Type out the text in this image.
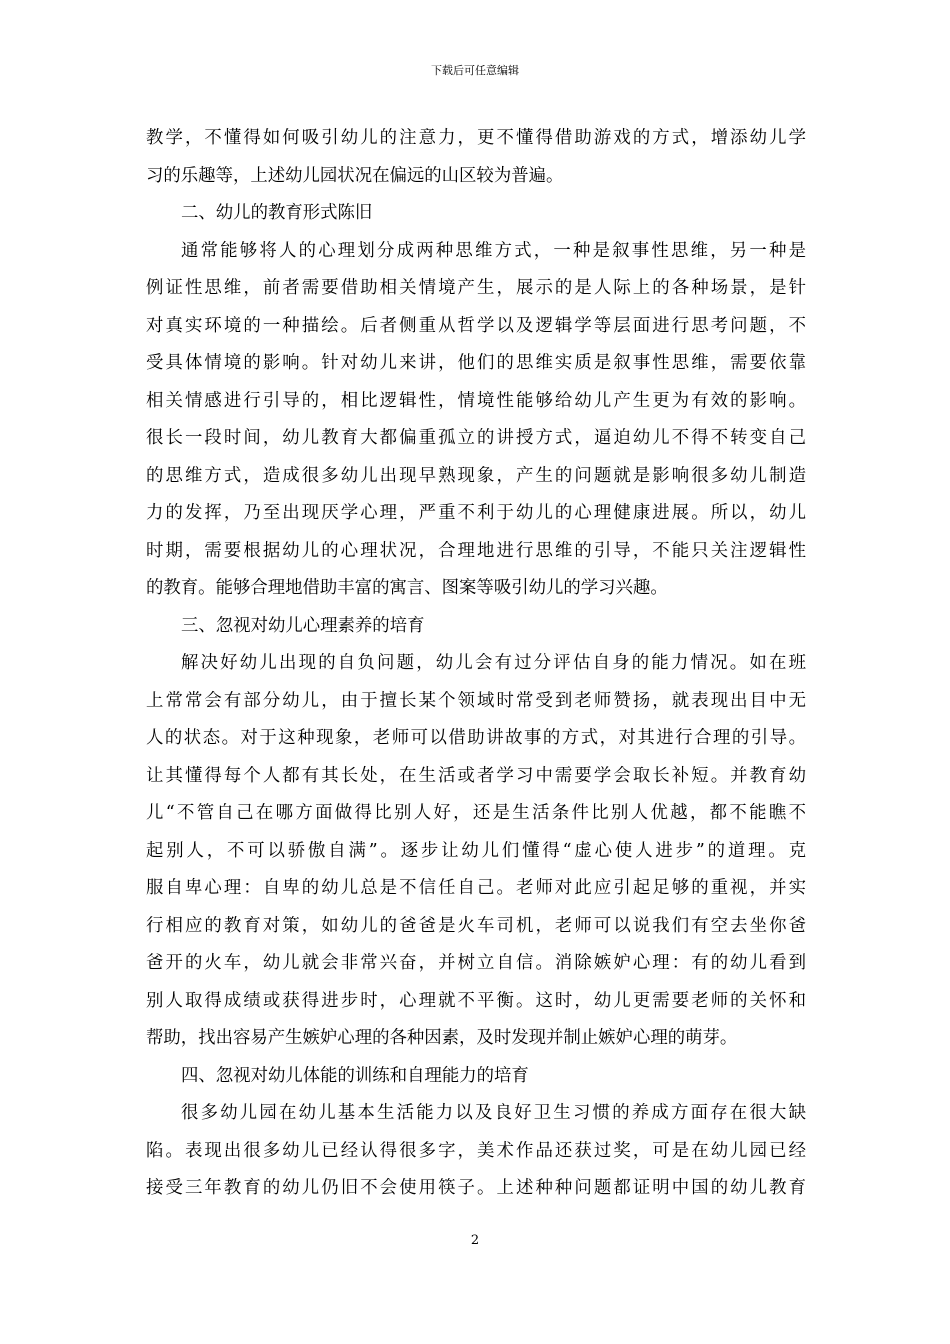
下载后可任意编辑
教学，不懂得如何吸引幼儿的注意力，更不懂得借助游戏的方式，增添幼儿学
习的乐趣等，上述幼儿园状况在偏远的山区较为普遍。
二、幼儿的教育形式陈旧
通常能够将人的心理划分成两种思维方式，一种是叙事性思维，另一种是
例证性思维，前者需要借助相关情境产生，展示的是人际上的各种场景，是针
对真实环境的一种描绘。后者侧重从哲学以及逻辑学等层面进行思考问题，不
受具体情境的影响。针对幼儿来讲，他们的思维实质是叙事性思维，需要依靠
相关情感进行引导的，相比逻辑性，情境性能够给幼儿产生更为有效的影响。
很长一段时间，幼儿教育大都偏重孤立的讲授方式，逼迫幼儿不得不转变自己
的思维方式，造成很多幼儿出现早熟现象，产生的问题就是影响很多幼儿制造
力的发挥，乃至出现厌学心理，严重不利于幼儿的心理健康进展。所以，幼儿
时期，需要根据幼儿的心理状况，合理地进行思维的引导，不能只关注逻辑性
的教育。能够合理地借助丰富的寓言、图案等吸引幼儿的学习兴趣。
三、忽视对幼儿心理素养的培育
解决好幼儿出现的自负问题，幼儿会有过分评估自身的能力情况。如在班
上常常会有部分幼儿，由于擅长某个领域时常受到老师赞扬，就表现出目中无
人的状态。对于这种现象，老师可以借助讲故事的方式，对其进行合理的引导。
让其懂得每个人都有其长处，在生活或者学习中需要学会取长补短。并教育幼
儿“不管自己在哪方面做得比别人好，还是生活条件比别人优越，都不能瞧不
起别人，不可以骄傲自满”。逐步让幼儿们懂得“虚心使人进步”的道理。克
服自卑心理：自卑的幼儿总是不信任自己。老师对此应引起足够的重视，并实
行相应的教育对策，如幼儿的爸爸是火车司机，老师可以说我们有空去坐你爸
爸开的火车，幼儿就会非常兴奋，并树立自信。消除嫉妒心理：有的幼儿看到
别人取得成绩或获得进步时，心理就不平衡。这时，幼儿更需要老师的关怀和
帮助，找出容易产生嫉妒心理的各种因素，及时发现并制止嫉妒心理的萌芽。
四、忽视对幼儿体能的训练和自理能力的培育
很多幼儿园在幼儿基本生活能力以及良好卫生习惯的养成方面存在很大缺
陷。表现出很多幼儿已经认得很多字，美术作品还获过奖，可是在幼儿园已经
接受三年教育的幼儿仍旧不会使用筷子。上述种种问题都证明中国的幼儿教育
2
